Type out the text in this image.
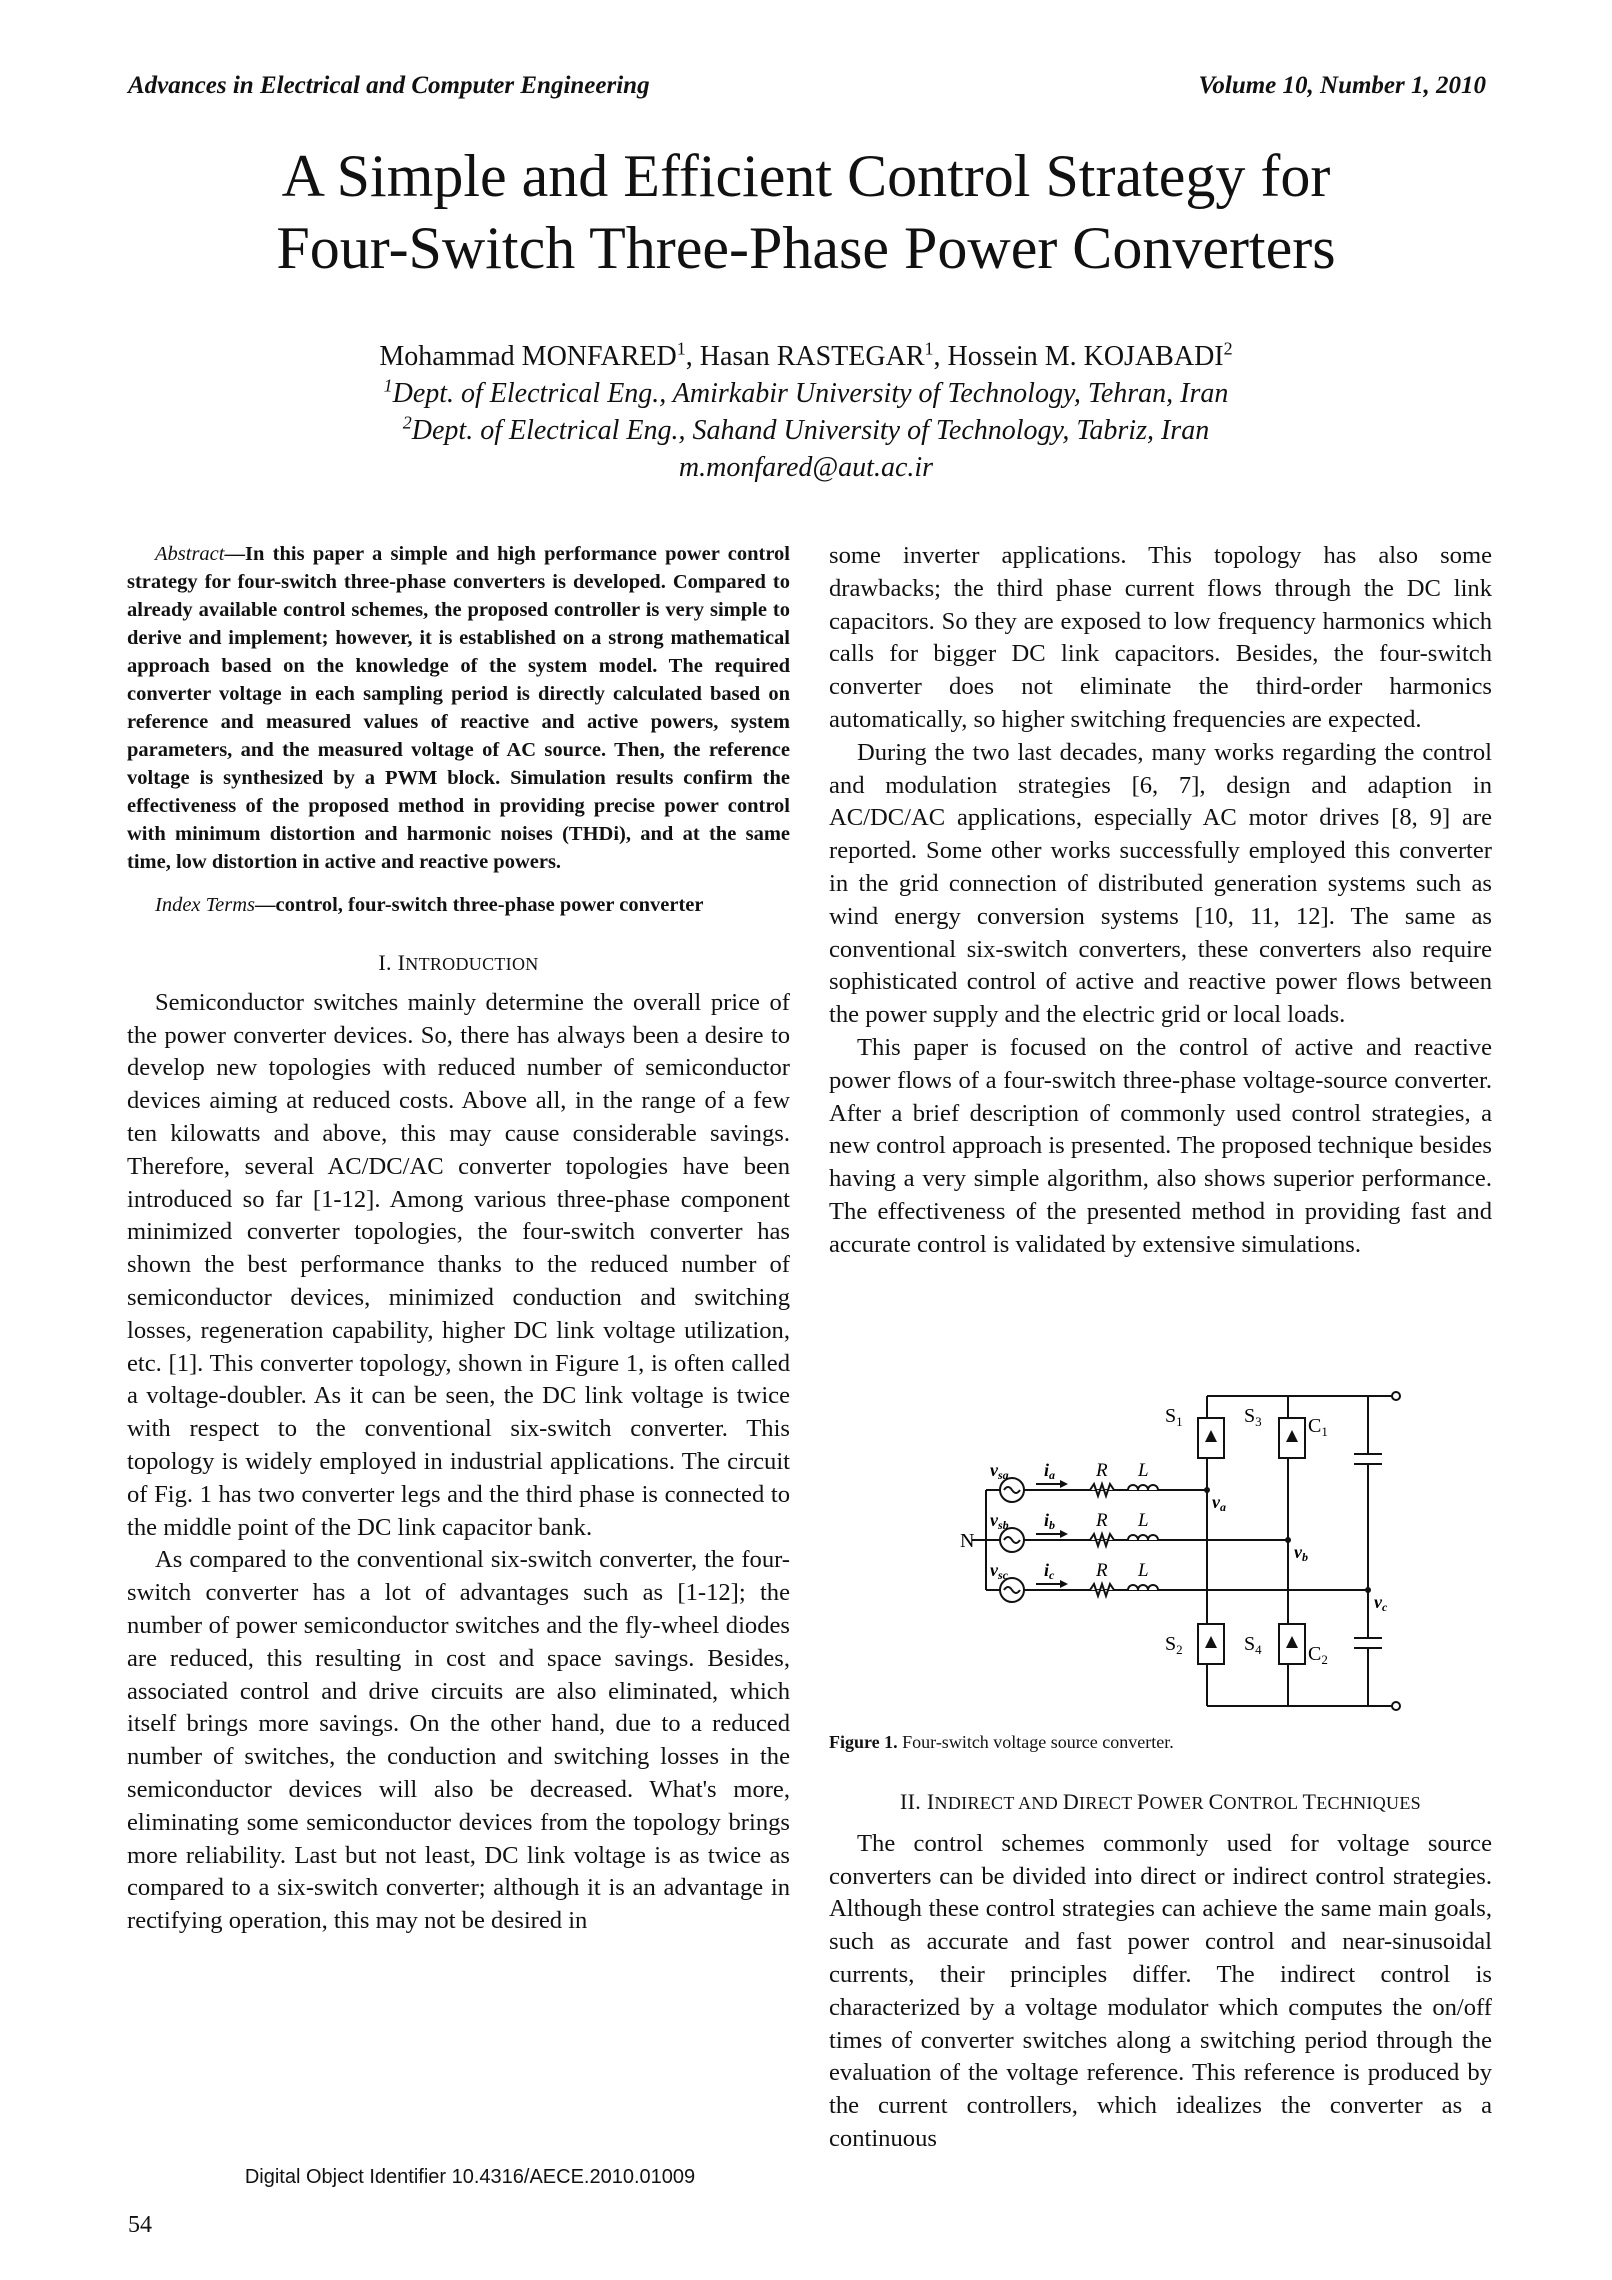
Advances in Electrical and Computer Engineering	Volume 10, Number 1, 2010
A Simple and Efficient Control Strategy for
Four-Switch Three-Phase Power Converters
Mohammad MONFARED$^1$, Hasan RASTEGAR$^1$, Hossein M. KOJABADI$^2$
$^1$Dept. of Electrical Eng., Amirkabir University of Technology, Tehran, Iran
$^2$Dept. of Electrical Eng., Sahand University of Technology, Tabriz, Iran
m.monfared@aut.ac.ir

Abstract—In this paper a simple and high performance power control strategy for four-switch three-phase converters is developed. Compared to already available control schemes, the proposed controller is very simple to derive and implement; however, it is established on a strong mathematical approach based on the knowledge of the system model. The required converter voltage in each sampling period is directly calculated based on reference and measured values of reactive and active powers, system parameters, and the measured voltage of AC source. Then, the reference voltage is synthesized by a PWM block. Simulation results confirm the effectiveness of the proposed method in providing precise power control with minimum distortion and harmonic noises (THDi), and at the same time, low distortion in active and reactive powers.

Index Terms—control, four-switch three-phase power converter

I. INTRODUCTION

Semiconductor switches mainly determine the overall price of the power converter devices. So, there has always been a desire to develop new topologies with reduced number of semiconductor devices aiming at reduced costs. Above all, in the range of a few ten kilowatts and above, this may cause considerable savings. Therefore, several AC/DC/AC converter topologies have been introduced so far [1-12]. Among various three-phase component minimized converter topologies, the four-switch converter has shown the best performance thanks to the reduced number of semiconductor devices, minimized conduction and switching losses, regeneration capability, higher DC link voltage utilization, etc. [1]. This converter topology, shown in Figure 1, is often called a voltage-doubler. As it can be seen, the DC link voltage is twice with respect to the conventional six-switch converter. This topology is widely employed in industrial applications. The circuit of Fig. 1 has two converter legs and the third phase is connected to the middle point of the DC link capacitor bank.

As compared to the conventional six-switch converter, the four-switch converter has a lot of advantages such as [1-12]; the number of power semiconductor switches and the fly-wheel diodes are reduced, this resulting in cost and space savings. Besides, associated control and drive circuits are also eliminated, which itself brings more savings. On the other hand, due to a reduced number of switches, the conduction and switching losses in the semiconductor devices will also be decreased. What's more, eliminating some semiconductor devices from the topology brings more reliability. Last but not least, DC link voltage is as twice as compared to a six-switch converter; although it is an advantage in rectifying operation, this may not be desired in

some inverter applications. This topology has also some drawbacks; the third phase current flows through the DC link capacitors. So they are exposed to low frequency harmonics which calls for bigger DC link capacitors. Besides, the four-switch converter does not eliminate the third-order harmonics automatically, so higher switching frequencies are expected.

During the two last decades, many works regarding the control and modulation strategies [6, 7], design and adaption in AC/DC/AC applications, especially AC motor drives [8, 9] are reported. Some other works successfully employed this converter in the grid connection of distributed generation systems such as wind energy conversion systems [10, 11, 12]. The same as conventional six-switch converters, these converters also require sophisticated control of active and reactive power flows between the power supply and the electric grid or local loads.

This paper is focused on the control of active and reactive power flows of a four-switch three-phase voltage-source converter. After a brief description of commonly used control strategies, a new control approach is presented. The proposed technique besides having a very simple algorithm, also shows superior performance. The effectiveness of the presented method in providing fast and accurate control is validated by extensive simulations.

$S_1$	$S_3$ $C_1$
$S_2$	$S_4$ $C_2$
N
vsa
vsb
vsc
ia
ib
ic
va
vb
vc
R
R
R
L
L
L
Figure 1. Four-switch voltage source converter.
II. INDIRECT AND DIRECT POWER CONTROL TECHNIQUES

The control schemes commonly used for voltage source converters can be divided into direct or indirect control strategies. Although these control strategies can achieve the same main goals, such as accurate and fast power control and near-sinusoidal currents, their principles differ. The indirect control is characterized by a voltage modulator which computes the on/off times of converter switches along a switching period through the evaluation of the voltage reference. This reference is produced by the current controllers, which idealizes the converter as a continuous

Digital Object Identifier 10.4316/AECE.2010.01009
54
